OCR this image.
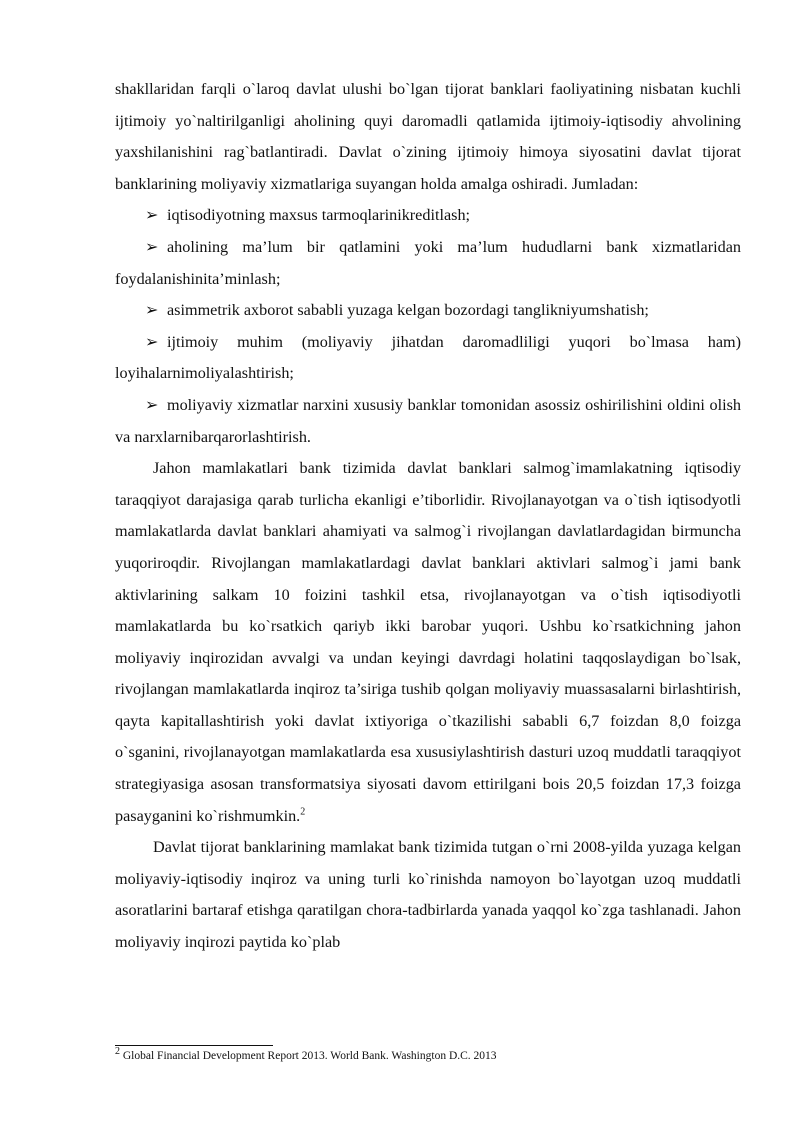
shakllaridan farqli o`laroq davlat ulushi bo`lgan tijorat banklari faoliyatining nisbatan kuchli ijtimoiy yo`naltirilganligi aholining quyi daromadli qatlamida ijtimoiy-iqtisodiy ahvolining yaxshilanishini rag`batlantiradi. Davlat o`zining ijtimoiy himoya siyosatini davlat tijorat banklarining moliyaviy xizmatlariga suyangan holda amalga oshiradi. Jumladan:

➢ iqtisodiyotning maxsus tarmoqlarinikreditlash;

➢ aholining ma’lum bir qatlamini yoki ma’lum hududlarni bank xizmatlaridan foydalanishinita’minlash;

➢ asimmetrik axborot sababli yuzaga kelgan bozordagi tanglikniyumshatish;

➢ ijtimoiy muhim (moliyaviy jihatdan daromadliligi yuqori bo`lmasa ham) loyihalarnimoliyalashtirish;

➢ moliyaviy xizmatlar narxini xususiy banklar tomonidan asossiz oshirilishini oldini olish va narxlarnibarqarorlashtirish.

Jahon mamlakatlari bank tizimida davlat banklari salmog`imamlakatning iqtisodiy taraqqiyot darajasiga qarab turlicha ekanligi e’tiborlidir. Rivojlanayotgan va o`tish iqtisodyotli mamlakatlarda davlat banklari ahamiyati va salmog`i rivojlangan davlatlardagidan birmuncha yuqoriroqdir. Rivojlangan mamlakatlardagi davlat banklari aktivlari salmog`i jami bank aktivlarining salkam 10 foizini tashkil etsa, rivojlanayotgan va o`tish iqtisodiyotli mamlakatlarda bu ko`rsatkich qariyb ikki barobar yuqori. Ushbu ko`rsatkichning jahon moliyaviy inqirozidan avvalgi va undan keyingi davrdagi holatini taqqoslaydigan bo`lsak, rivojlangan mamlakatlarda inqiroz ta’siriga tushib qolgan moliyaviy muassasalarni birlashtirish, qayta kapitallashtirish yoki davlat ixtiyoriga o`tkazilishi sababli 6,7 foizdan 8,0 foizga o`sganini, rivojlanayotgan mamlakatlarda esa xususiylashtirish dasturi uzoq muddatli taraqqiyot strategiyasiga asosan transformatsiya siyosati davom ettirilgani bois 20,5 foizdan 17,3 foizga pasayganini ko`rishmumkin.$^2$

Davlat tijorat banklarining mamlakat bank tizimida tutgan o`rni 2008-yilda yuzaga kelgan moliyaviy-iqtisodiy inqiroz va uning turli ko`rinishda namoyon bo`layotgan uzoq muddatli asoratlarini bartaraf etishga qaratilgan chora-tadbirlarda yanada yaqqol ko`zga tashlanadi. Jahon moliyaviy inqirozi paytida ko`plab

$^2$ Global Financial Development Report 2013. World Bank. Washington D.C. 2013
